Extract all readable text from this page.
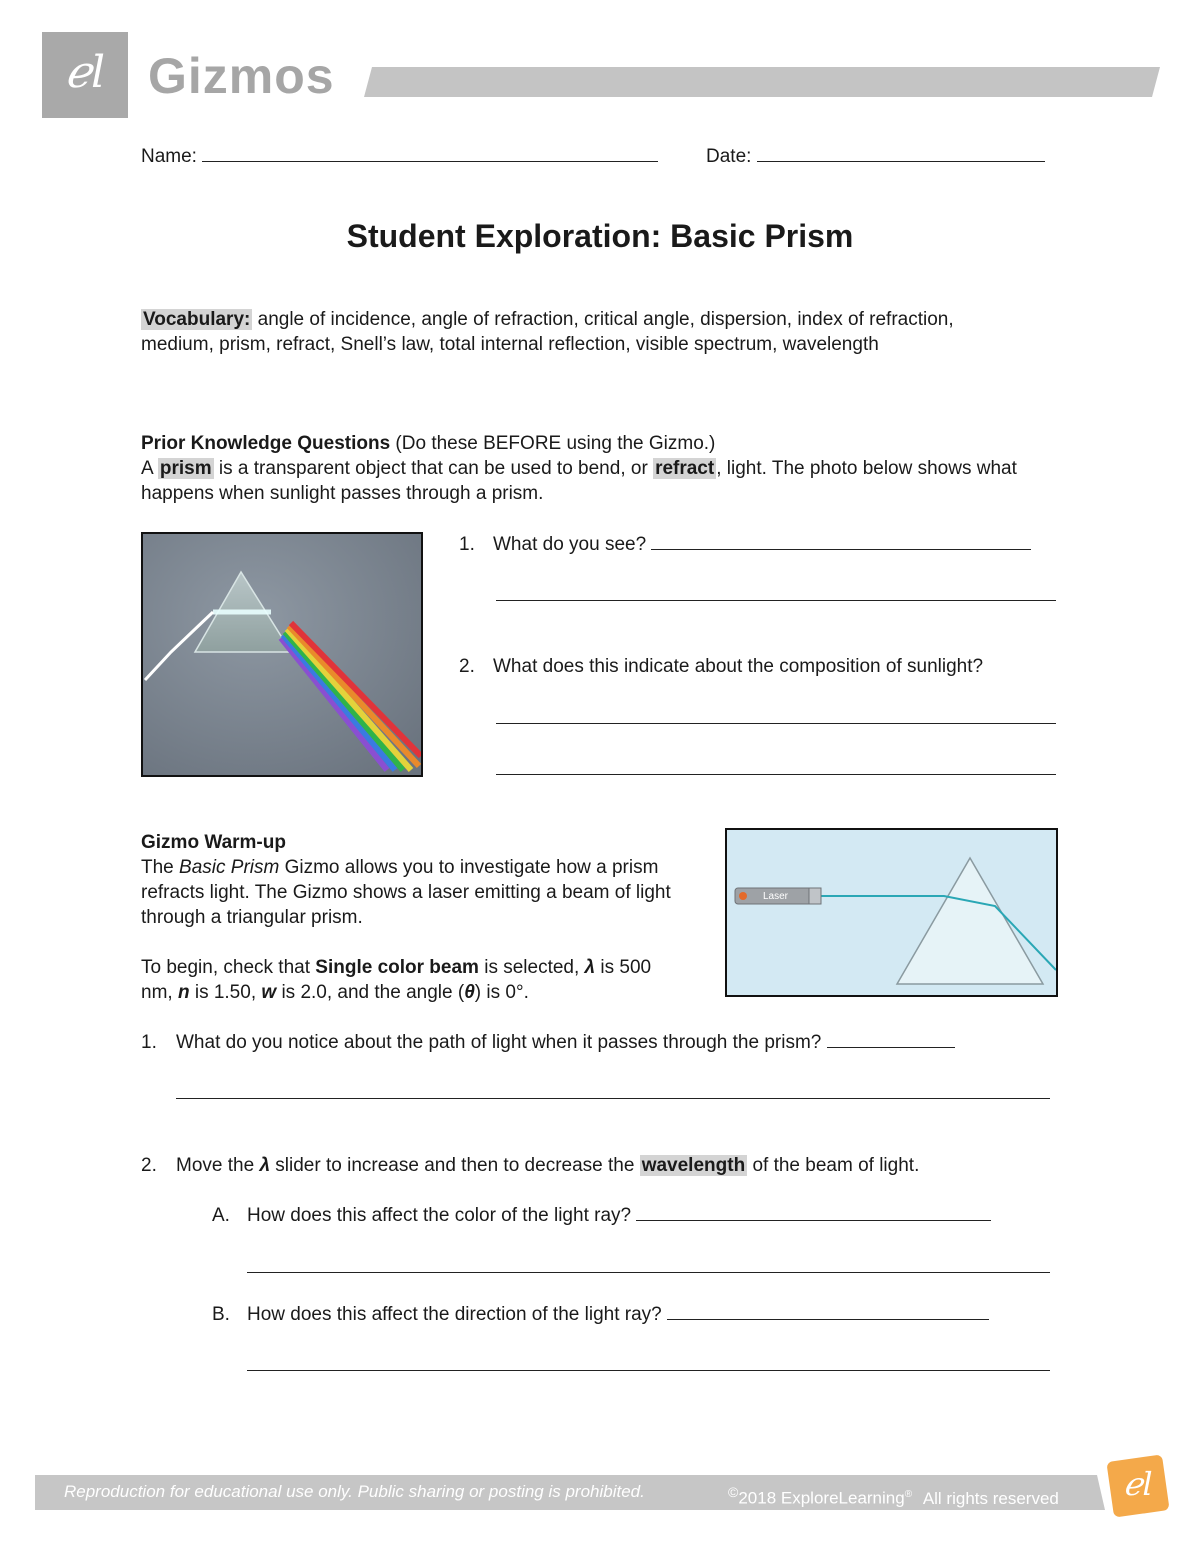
ℯl Gizmos
Name:	Date:
Student Exploration: Basic Prism
Vocabulary: angle of incidence, angle of refraction, critical angle, dispersion, index of refraction, medium, prism, refract, Snell’s law, total internal reflection, visible spectrum, wavelength
Prior Knowledge Questions (Do these BEFORE using the Gizmo.)
A prism is a transparent object that can be used to bend, or refract , light. The photo below shows what happens when sunlight passes through a prism.
1. What do you see?
2. What does this indicate about the composition of sunlight?
Gizmo Warm-up
The Basic Prism Gizmo allows you to investigate how a prism refracts light. The Gizmo shows a laser emitting a beam of light through a triangular prism.
To begin, check that Single color beam is selected, λ is 500 nm, n is 1.50, w is 2.0, and the angle (θ) is 0°.
Laser
1. What do you notice about the path of light when it passes through the prism?
2. Move the λ slider to increase and then to decrease the wavelength of the beam of light.
A. How does this affect the color of the light ray?
B. How does this affect the direction of the light ray?
Reproduction for educational use only. Public sharing or posting is prohibited.	©2018 ExploreLearning® All rights reserved	ℯl
